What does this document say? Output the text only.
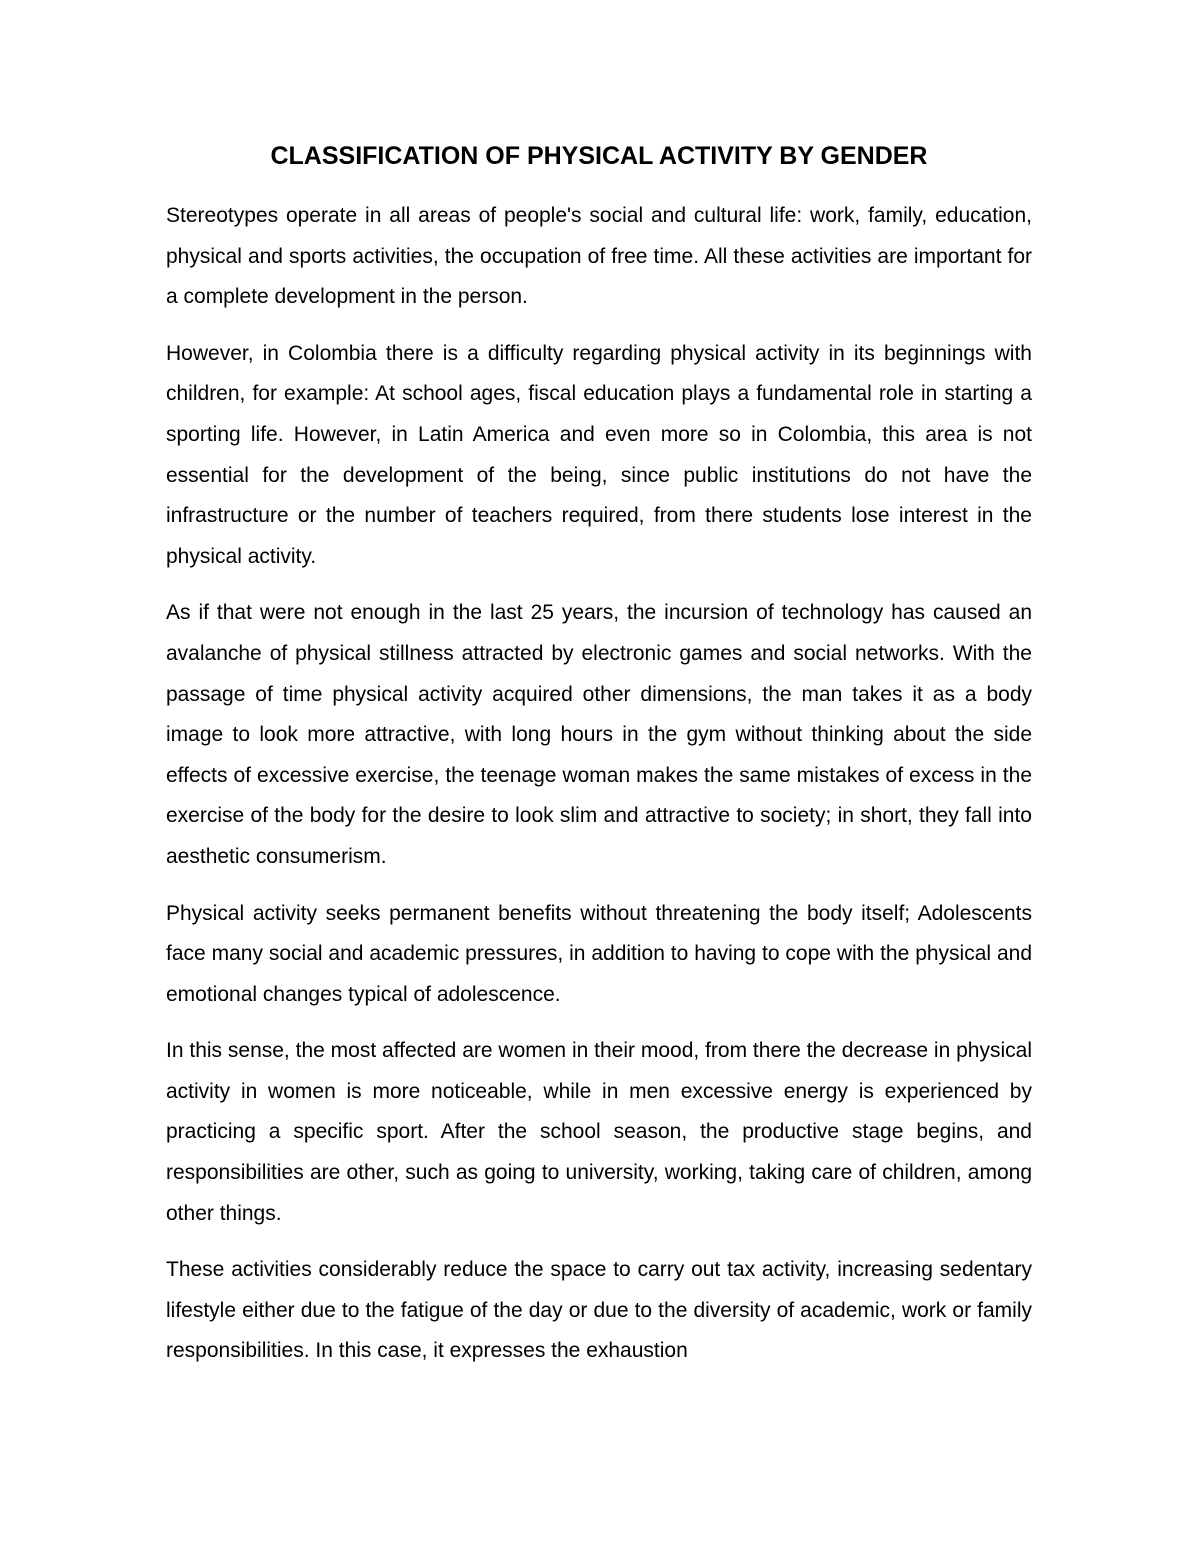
CLASSIFICATION OF PHYSICAL ACTIVITY BY GENDER

Stereotypes operate in all areas of people's social and cultural life: work, family, education, physical and sports activities, the occupation of free time. All these activities are important for a complete development in the person.

However, in Colombia there is a difficulty regarding physical activity in its beginnings with children, for example: At school ages, fiscal education plays a fundamental role in starting a sporting life. However, in Latin America and even more so in Colombia, this area is not essential for the development of the being, since public institutions do not have the infrastructure or the number of teachers required, from there students lose interest in the physical activity.

As if that were not enough in the last 25 years, the incursion of technology has caused an avalanche of physical stillness attracted by electronic games and social networks. With the passage of time physical activity acquired other dimensions, the man takes it as a body image to look more attractive, with long hours in the gym without thinking about the side effects of excessive exercise, the teenage woman makes the same mistakes of excess in the exercise of the body for the desire to look slim and attractive to society; in short, they fall into aesthetic consumerism.

Physical activity seeks permanent benefits without threatening the body itself; Adolescents face many social and academic pressures, in addition to having to cope with the physical and emotional changes typical of adolescence.

In this sense, the most affected are women in their mood, from there the decrease in physical activity in women is more noticeable, while in men excessive energy is experienced by practicing a specific sport. After the school season, the productive stage begins, and responsibilities are other, such as going to university, working, taking care of children, among other things.

These activities considerably reduce the space to carry out tax activity, increasing sedentary lifestyle either due to the fatigue of the day or due to the diversity of academic, work or family responsibilities. In this case, it expresses the exhaustion
